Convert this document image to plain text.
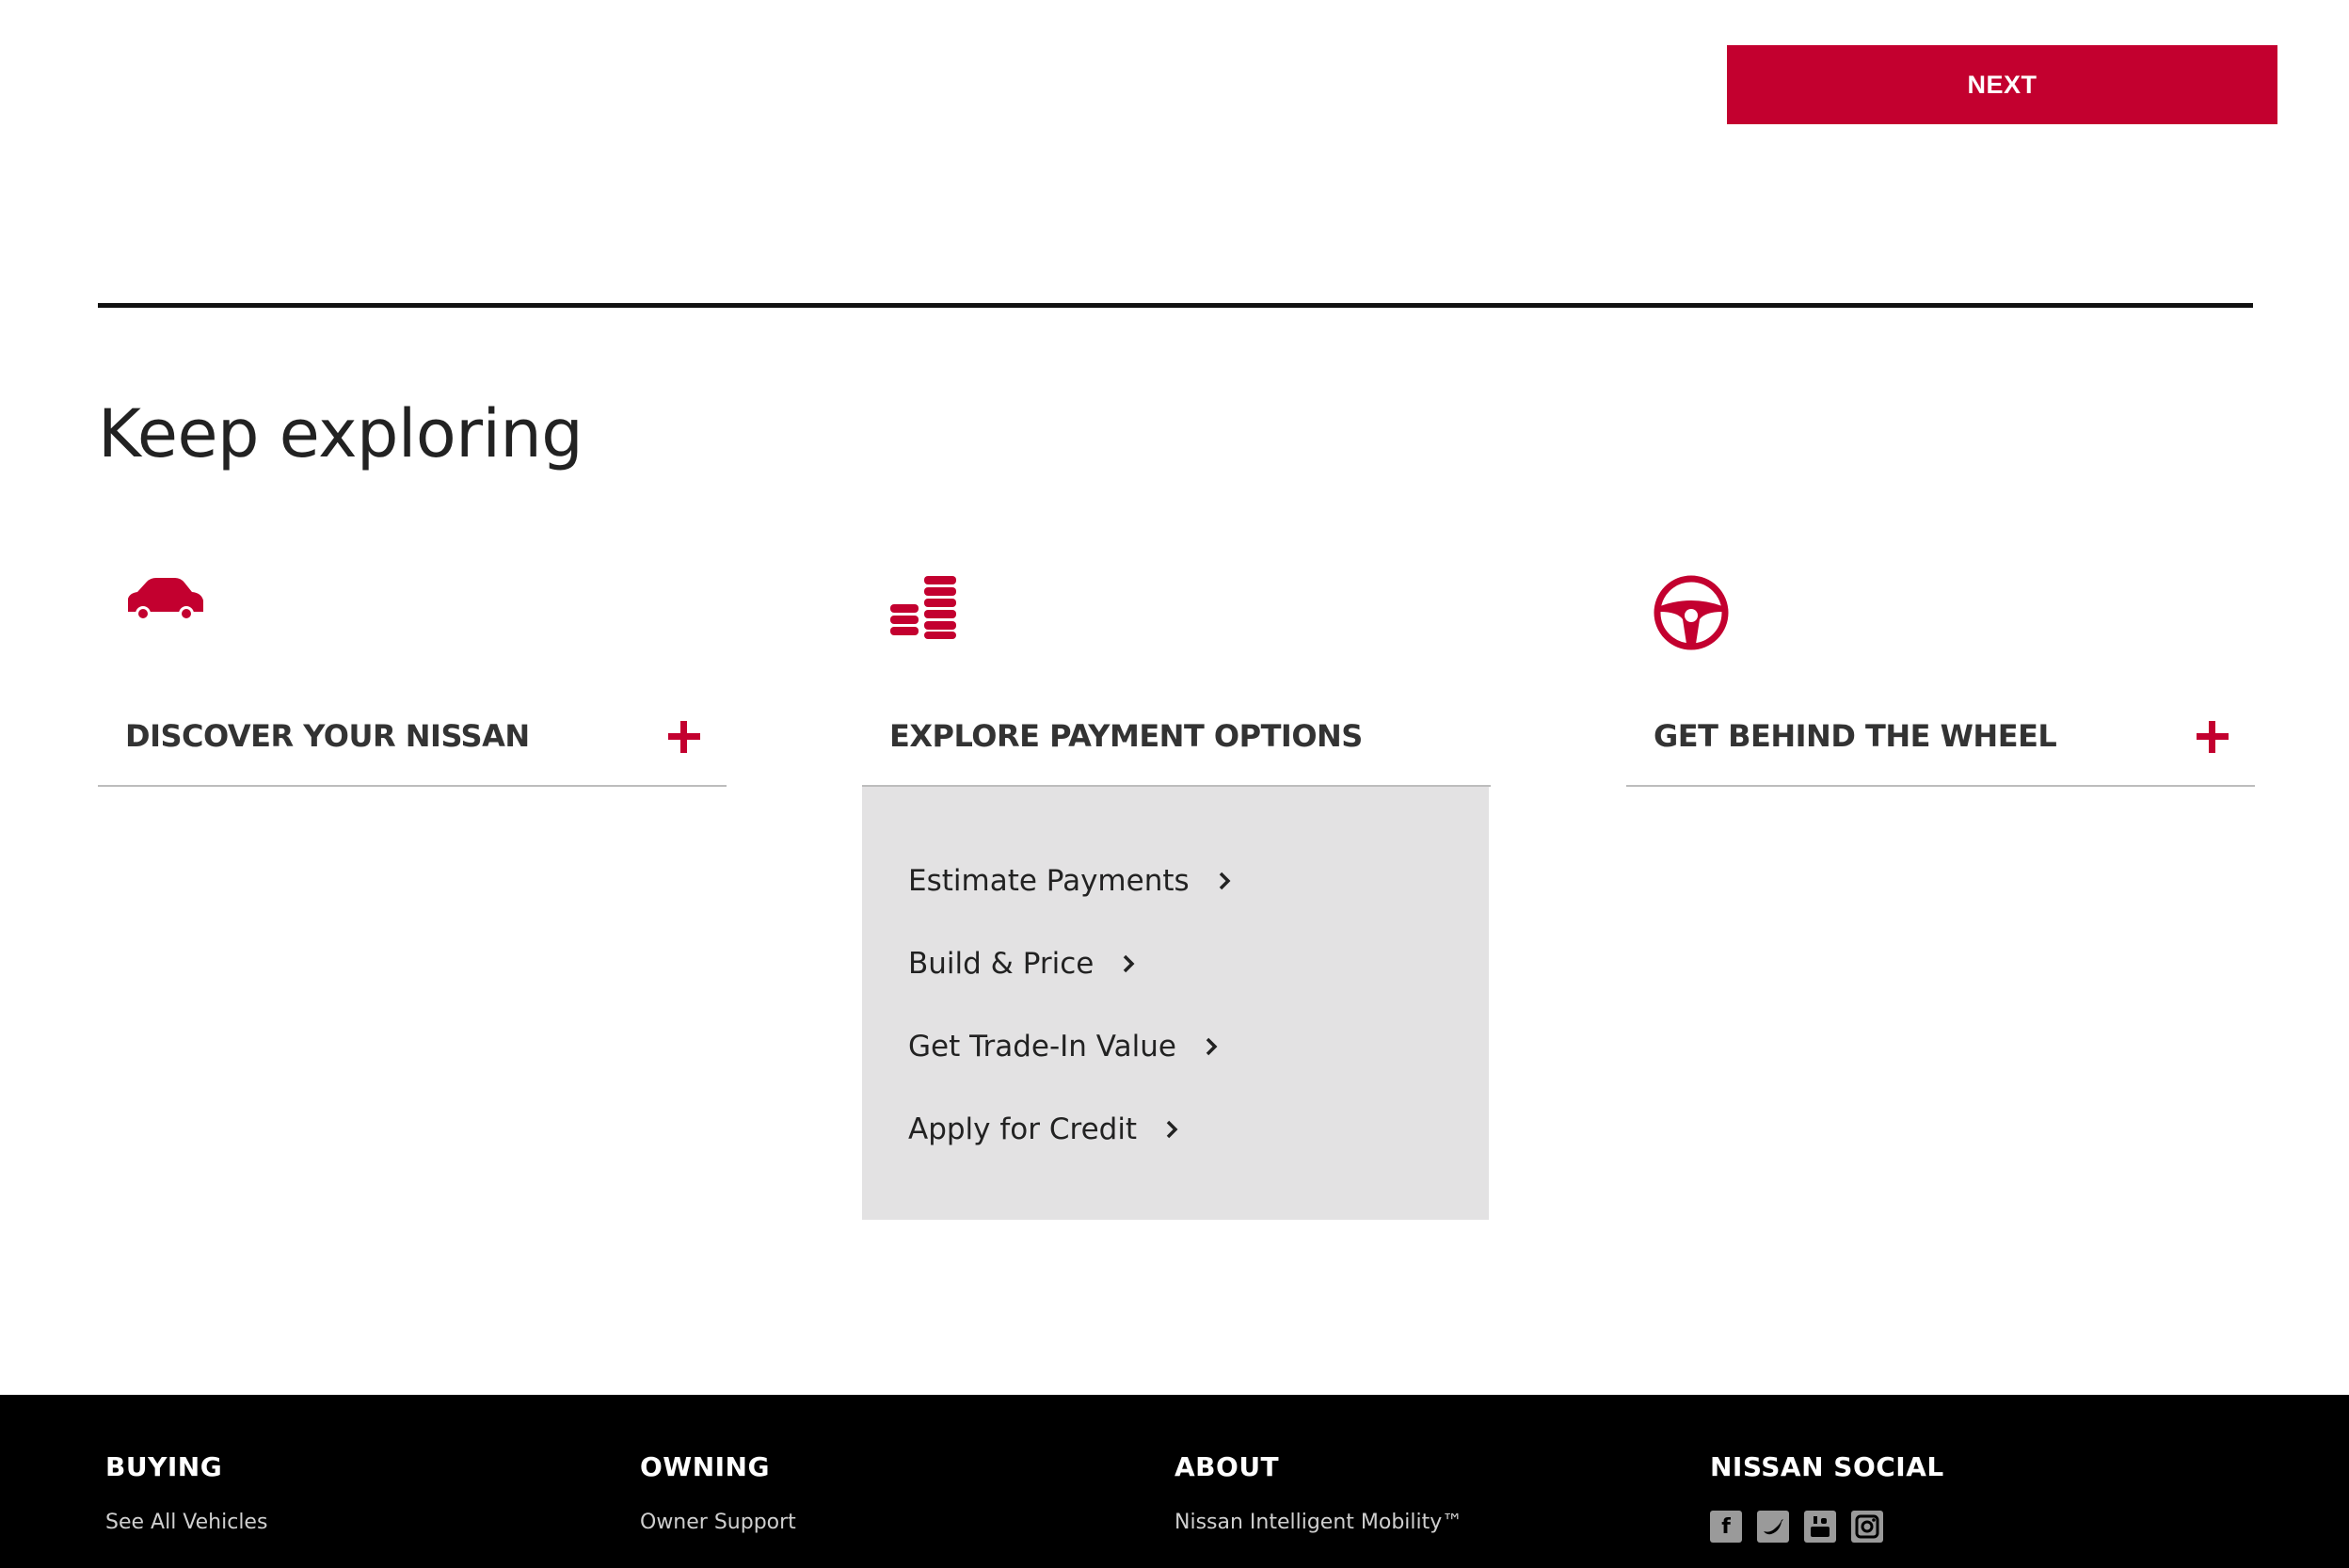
NEXT
Keep exploring
DISCOVER YOUR NISSAN	EXPLORE PAYMENT OPTIONS
Estimate Payments
Build & Price
Get Trade-In Value
Apply for Credit
GET BEHIND THE WHEEL

BUYING

See All Vehicles

OWNING

Owner Support

ABOUT

Nissan Intelligent Mobility™

NISSAN SOCIAL

f
